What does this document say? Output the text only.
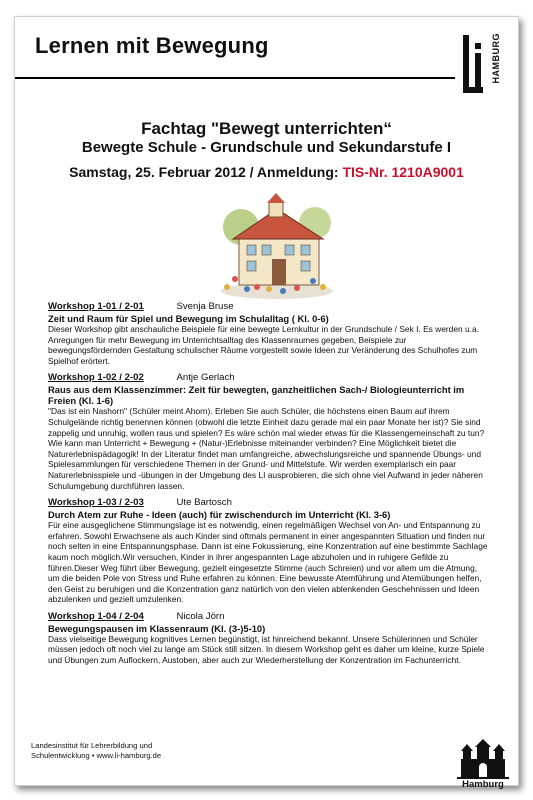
Lernen mit Bewegung	HAMBURG
Fachtag "Bewegt unterrichten“
Bewegte Schule - Grundschule und Sekundarstufe I
Samstag, 25. Februar 2012 / Anmeldung: TIS-Nr. 1210A9001
Workshop 1-01 / 2-01	Svenja Bruse
Zeit und Raum für Spiel und Bewegung im Schulalltag ( Kl. 0-6)
Dieser Workshop gibt anschauliche Beispiele für eine bewegte Lernkultur in der Grundschule / Sek I. Es werden u.a. Anregungen für mehr Bewegung im Unterrichtsalltag des Klassenraumes gegeben, Beispiele zur bewegungsfördernden Gestaltung schulischer Räume vorgestellt sowie Ideen zur Veränderung des Schulhofes zum Spielhof erörtert.
Workshop 1-02 / 2-02	Antje Gerlach
Raus aus dem Klassenzimmer: Zeit für bewegten, ganzheitlichen Sach-/ Biologieunterricht im Freien (Kl. 1-6)
"Das ist ein Nashorn" (Schüler meint Ahorn). Erleben Sie auch Schüler, die höchstens einen Baum auf ihrem Schulgelände richtig benennen können (obwohl die letzte Einheit dazu gerade mal ein paar Monate her ist)? Sie sind zappelig und unruhig, wollen raus und spielen? Es wäre schön mal wieder etwas für die Klassengemeinschaft zu tun? Wie kann man Unterricht + Bewegung + (Natur-)Erlebnisse miteinander verbinden? Eine Möglichkeit bietet die Naturerlebnispädagogik! In der Literatur findet man umfangreiche, abwechslungsreiche und spannende Übungs- und Spielesammlungen für verschiedene Themen in der Grund- und Mittelstufe. Wir werden exemplarisch ein paar Naturerlebnisspiele und -übungen in der Umgebung des LI ausprobieren, die sich ohne viel Aufwand in jeder näheren Schulumgebung durchführen lassen.
Workshop 1-03 / 2-03	Ute Bartosch
Durch Atem zur Ruhe - Ideen (auch) für zwischendurch im Unterricht (Kl. 3-6)
Für eine ausgeglichene Stimmungslage ist es notwendig, einen regelmäßigen Wechsel von An- und Entspannung zu erfahren. Sowohl Erwachsene als auch Kinder sind oftmals permanent in einer angespannten Situation und finden nur noch selten in eine Entspannungsphase. Dann ist eine Fokussierung, eine Konzentration auf eine bestimmte Sachlage kaum noch möglich.Wir versuchen, Kinder in ihrer angespannten Lage abzuholen und in ruhigere Gefilde zu führen.Dieser Weg führt über Bewegung, gezielt eingesetzte Stimme (auch Schreien) und vor allem um die Atmung, um die beiden Pole von Stress und Ruhe erfahren zu können. Eine bewusste Atemführung und Atemübungen helfen, den Geist zu beruhigen und die Konzentration ganz natürlich von den vielen ablenkenden Geschehnissen und Ideen abzulenken und gezielt umzulenken.
Workshop 1-04 / 2-04	Nicola Jörn
Bewegungspausen im Klassenraum (Kl. (3-)5-10)
Dass vielseitige Bewegung kognitives Lernen begünstigt, ist hinreichend bekannt. Unsere Schülerinnen und Schüler müssen jedoch oft noch viel zu lange am Stück still sitzen. In diesem Workshop geht es daher um kleine, kurze Spiele und Übungen zum Auflockern, Austoben, aber auch zur Wiederherstellung der Konzentration im Fachunterricht.
Landesinstitut für Lehrerbildung und
Schulentwicklung • www.li-hamburg.de
Hamburg
